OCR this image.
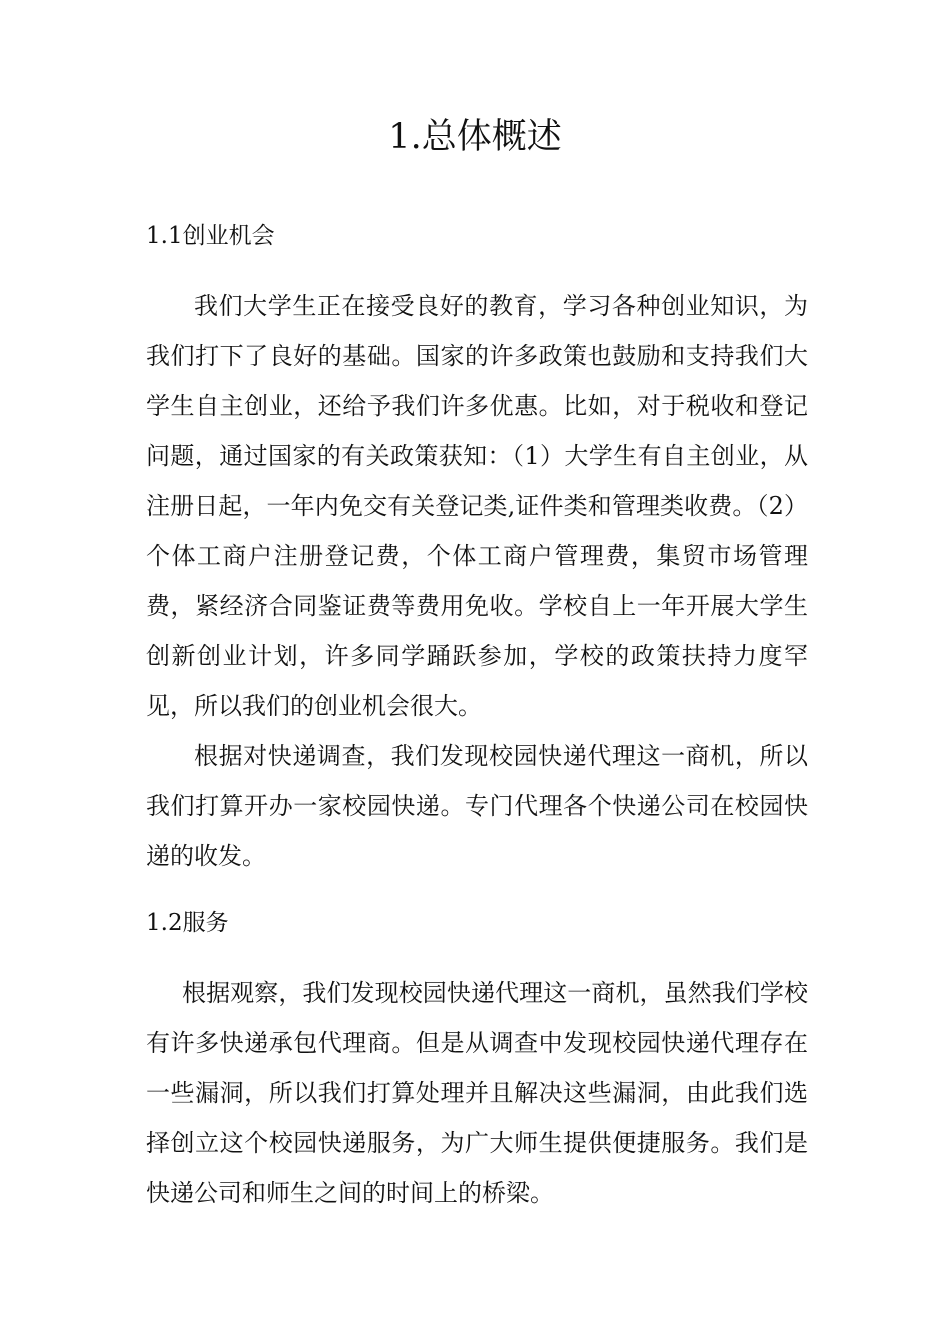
1.总体概述
1.1创业机会

我们大学生正在接受良好的教育，学习各种创业知识，为我们打下了良好的基础。国家的许多政策也鼓励和支持我们大学生自主创业，还给予我们许多优惠。比如，对于税收和登记问题，通过国家的有关政策获知：（1）大学生有自主创业，从注册日起，一年内免交有关登记类,证件类和管理类收费。（2）个体工商户注册登记费，个体工商户管理费，集贸市场管理费，紧经济合同鉴证费等费用免收。学校自上一年开展大学生创新创业计划，许多同学踊跃参加，学校的政策扶持力度罕见，所以我们的创业机会很大。

根据对快递调查，我们发现校园快递代理这一商机，所以我们打算开办一家校园快递。专门代理各个快递公司在校园快递的收发。

1.2服务

根据观察，我们发现校园快递代理这一商机，虽然我们学校有许多快递承包代理商。但是从调查中发现校园快递代理存在一些漏洞，所以我们打算处理并且解决这些漏洞，由此我们选择创立这个校园快递服务，为广大师生提供便捷服务。我们是快递公司和师生之间的时间上的桥梁。
